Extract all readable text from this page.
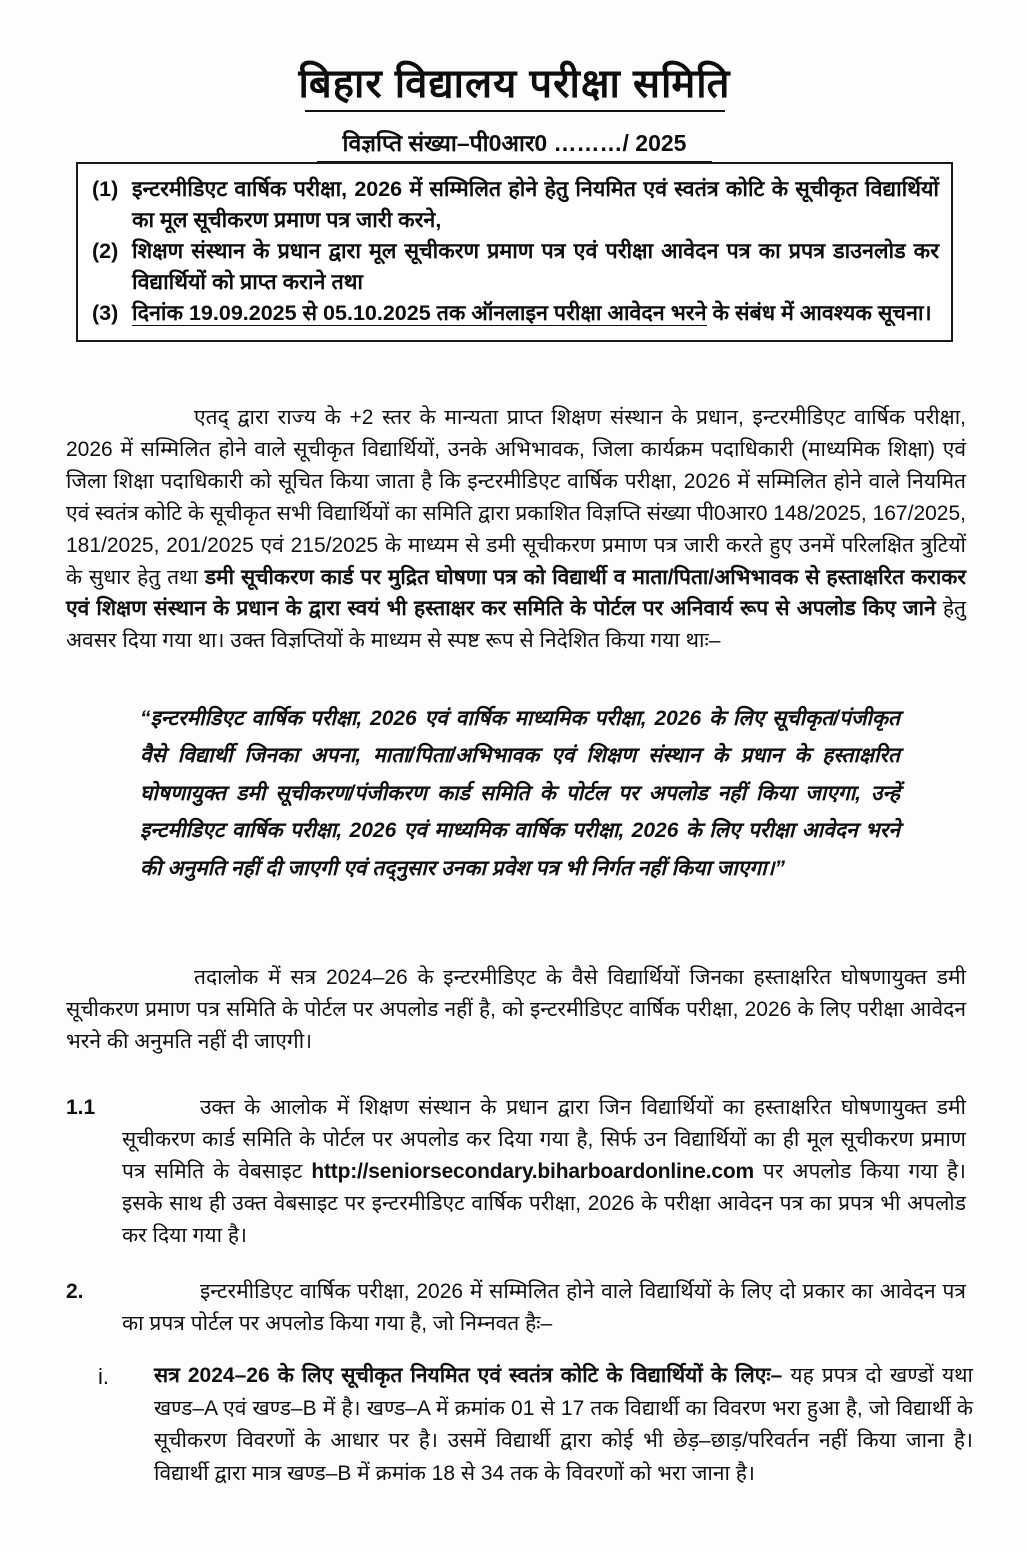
बिहार विद्यालय परीक्षा समिति
विज्ञप्ति संख्या–पी0आर0 ………/ 2025
(1) इन्टरमीडिएट वार्षिक परीक्षा, 2026 में सम्मिलित होने हेतु नियमित एवं स्वतंत्र कोटि के सूचीकृत विद्यार्थियों का मूल सूचीकरण प्रमाण पत्र जारी करने,
(2) शिक्षण संस्थान के प्रधान द्वारा मूल सूचीकरण प्रमाण पत्र एवं परीक्षा आवेदन पत्र का प्रपत्र डाउनलोड कर विद्यार्थियों को प्राप्त कराने तथा
(3) दिनांक 19.09.2025 से 05.10.2025 तक ऑनलाइन परीक्षा आवेदन भरने के संबंध में आवश्यक सूचना।
एतद् द्वारा राज्य के +2 स्तर के मान्यता प्राप्त शिक्षण संस्थान के प्रधान, इन्टरमीडिएट वार्षिक परीक्षा, 2026 में सम्मिलित होने वाले सूचीकृत विद्यार्थियों, उनके अभिभावक, जिला कार्यक्रम पदाधिकारी (माध्यमिक शिक्षा) एवं जिला शिक्षा पदाधिकारी को सूचित किया जाता है कि इन्टरमीडिएट वार्षिक परीक्षा, 2026 में सम्मिलित होने वाले नियमित एवं स्वतंत्र कोटि के सूचीकृत सभी विद्यार्थियों का समिति द्वारा प्रकाशित विज्ञप्ति संख्या पी0आर0 148/2025, 167/2025, 181/2025, 201/2025 एवं 215/2025 के माध्यम से डमी सूचीकरण प्रमाण पत्र जारी करते हुए उनमें परिलक्षित त्रुटियों के सुधार हेतु तथा डमी सूचीकरण कार्ड पर मुद्रित घोषणा पत्र को विद्यार्थी व माता/पिता/अभिभावक से हस्ताक्षरित कराकर एवं शिक्षण संस्थान के प्रधान के द्वारा स्वयं भी हस्ताक्षर कर समिति के पोर्टल पर अनिवार्य रूप से अपलोड किए जाने हेतु अवसर दिया गया था। उक्त विज्ञप्तियों के माध्यम से स्पष्ट रूप से निदेशित किया गया थाः–
“इन्टरमीडिएट वार्षिक परीक्षा, 2026 एवं वार्षिक माध्यमिक परीक्षा, 2026 के लिए सूचीकृत/पंजीकृत वैसे विद्यार्थी जिनका अपना, माता/पिता/अभिभावक एवं शिक्षण संस्थान के प्रधान के हस्ताक्षरित घोषणायुक्त डमी सूचीकरण/पंजीकरण कार्ड समिति के पोर्टल पर अपलोड नहीं किया जाएगा, उन्हें इन्टमीडिएट वार्षिक परीक्षा, 2026 एवं माध्यमिक वार्षिक परीक्षा, 2026 के लिए परीक्षा आवेदन भरने की अनुमति नहीं दी जाएगी एवं तद्नुसार उनका प्रवेश पत्र भी निर्गत नहीं किया जाएगा।”
तदालोक में सत्र 2024–26 के इन्टरमीडिएट के वैसे विद्यार्थियों जिनका हस्ताक्षरित घोषणायुक्त डमी सूचीकरण प्रमाण पत्र समिति के पोर्टल पर अपलोड नहीं है, को इन्टरमीडिएट वार्षिक परीक्षा, 2026 के लिए परीक्षा आवेदन भरने की अनुमति नहीं दी जाएगी।
1.1	उक्त के आलोक में शिक्षण संस्थान के प्रधान द्वारा जिन विद्यार्थियों का हस्ताक्षरित घोषणायुक्त डमी सूचीकरण कार्ड समिति के पोर्टल पर अपलोड कर दिया गया है, सिर्फ उन विद्यार्थियों का ही मूल सूचीकरण प्रमाण पत्र समिति के वेबसाइट http://seniorsecondary.biharboardonline.com पर अपलोड किया गया है। इसके साथ ही उक्त वेबसाइट पर इन्टरमीडिएट वार्षिक परीक्षा, 2026 के परीक्षा आवेदन पत्र का प्रपत्र भी अपलोड कर दिया गया है।
2.	इन्टरमीडिएट वार्षिक परीक्षा, 2026 में सम्मिलित होने वाले विद्यार्थियों के लिए दो प्रकार का आवेदन पत्र का प्रपत्र पोर्टल पर अपलोड किया गया है, जो निम्नवत हैः–
i.	सत्र 2024–26 के लिए सूचीकृत नियमित एवं स्वतंत्र कोटि के विद्यार्थियों के लिएः– यह प्रपत्र दो खण्डों यथा खण्ड–A एवं खण्ड–B में है। खण्ड–A में क्रमांक 01 से 17 तक विद्यार्थी का विवरण भरा हुआ है, जो विद्यार्थी के सूचीकरण विवरणों के आधार पर है। उसमें विद्यार्थी द्वारा कोई भी छेड़–छाड़/परिवर्तन नहीं किया जाना है। विद्यार्थी द्वारा मात्र खण्ड–B में क्रमांक 18 से 34 तक के विवरणों को भरा जाना है।
